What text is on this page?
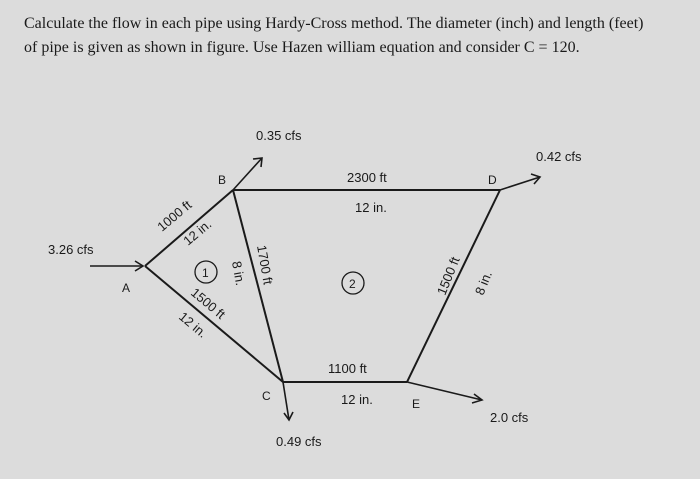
Calculate the flow in each pipe using Hardy-Cross method. The diameter (inch) and length (feet)

of pipe is given as shown in figure. Use Hazen william equation and consider C = 120.

A
B
C
D
E
3.26 cfs
0.35 cfs
0.42 cfs
0.49 cfs
2.0 cfs
2300 ft
12 in.
1000 ft
12 in.
1700 ft
8 in.
1500 ft
12 in.
1100 ft
12 in.
1500 ft 8 in.
1
2
